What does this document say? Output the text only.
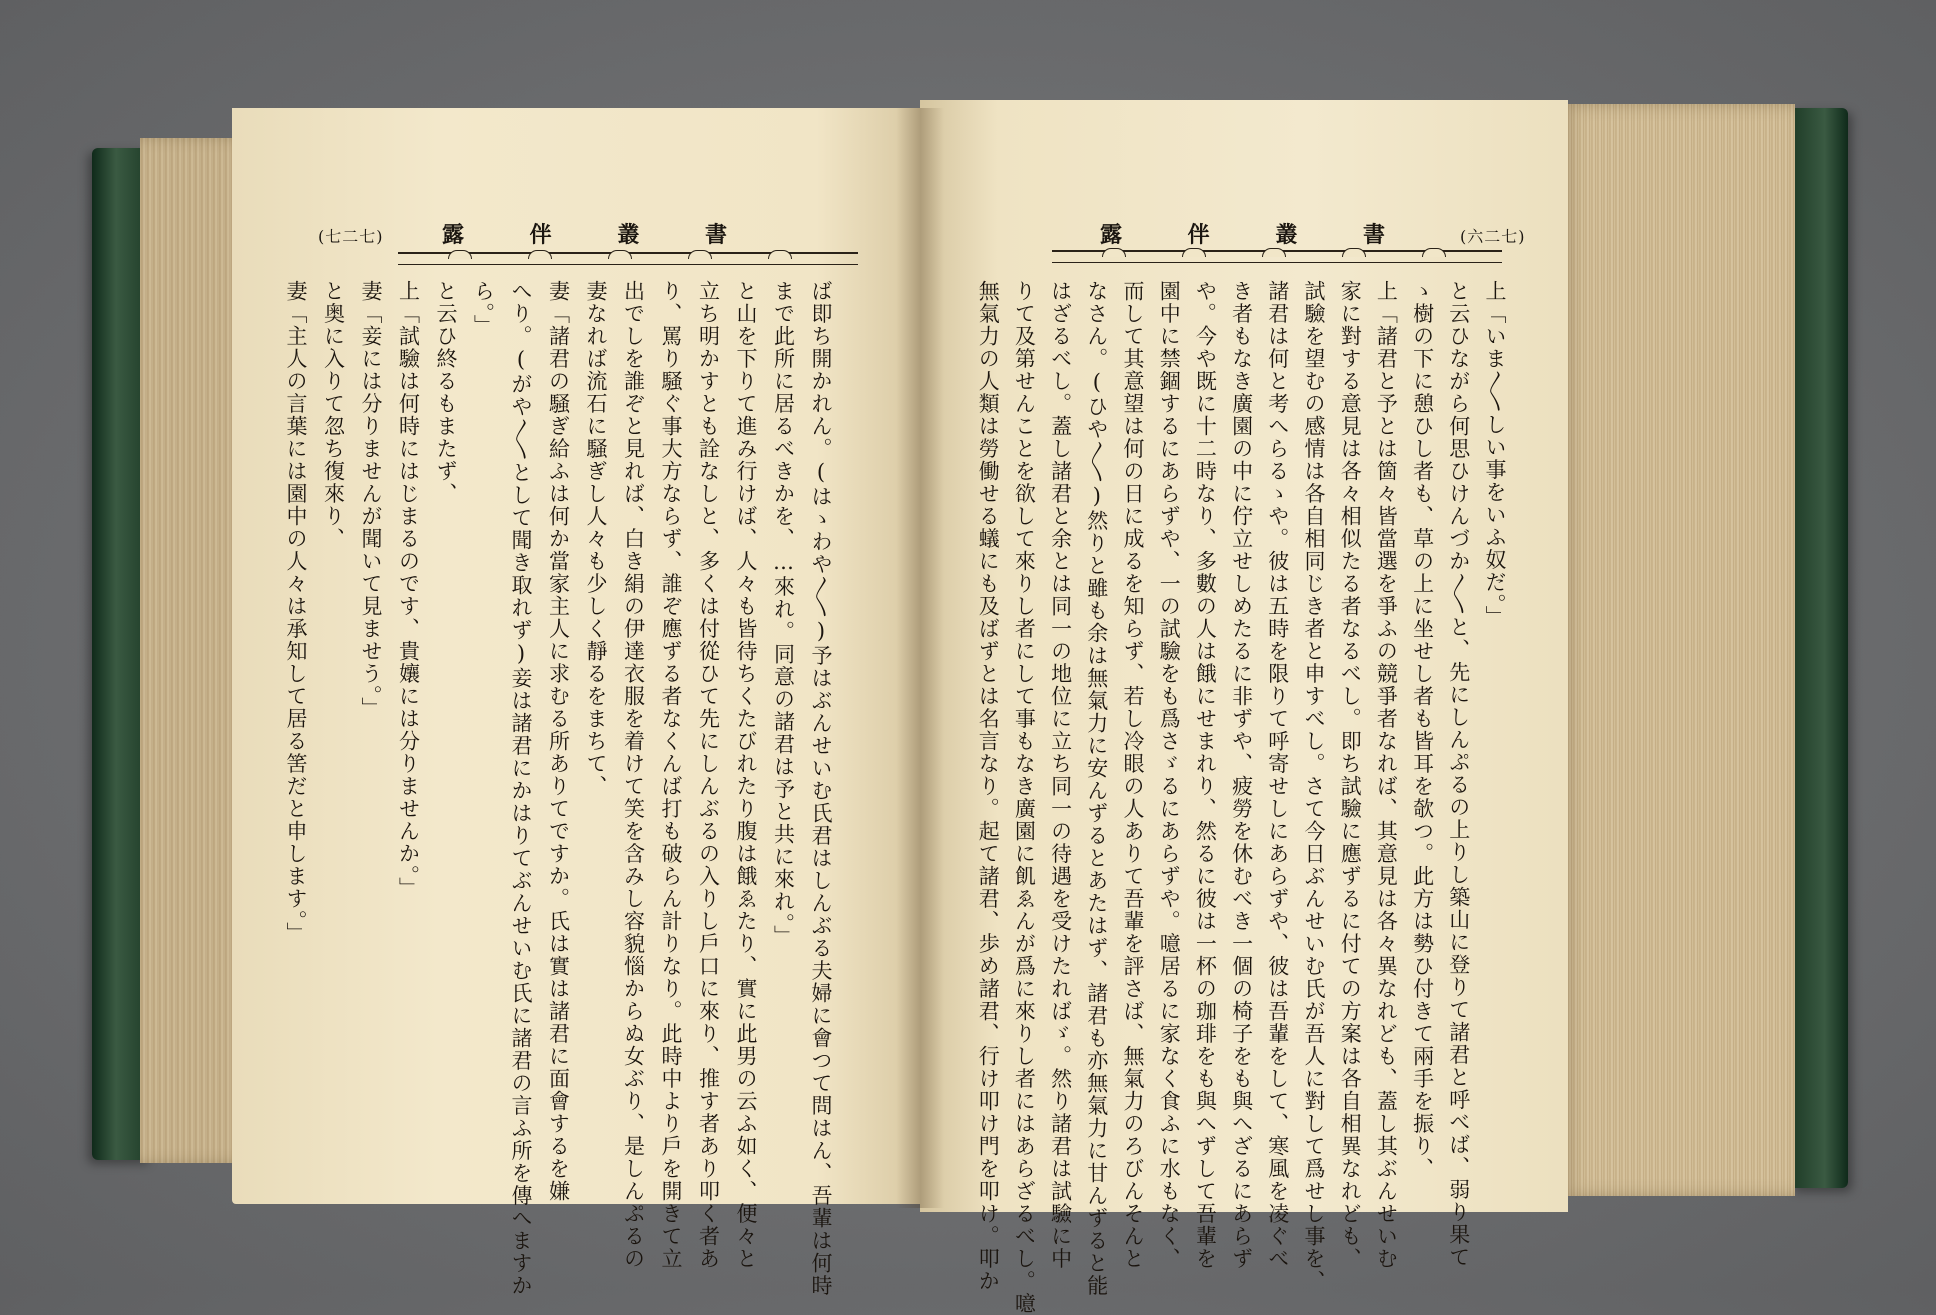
(七二七)	露 伴 叢 書
ば即ち開かれん。(はゝわや〳〵)予はぶんせいむ氏君はしんぶる夫婦に會つて問はん、吾輩は何時
まで此所に居るべきかを、…來れ。同意の諸君は予と共に來れ。」
と山を下りて進み行けば、人々も皆待ちくたびれたり腹は餓ゑたり、實に此男の云ふ如く、便々と
立ち明かすとも詮なしと、多くは付從ひて先にしんぶるの入りし戶口に來り、推す者あり叩く者あ
り、罵り騒ぐ事大方ならず、誰ぞ應ずる者なくんば打も破らん計りなり。此時中より戶を開きて立
出でしを誰ぞと見れば、白き絹の伊達衣服を着けて笑を含みし容貌惱からぬ女ぶり、是しんぷるの
妻なれば流石に騒ぎし人々も少しく靜るをまちて、
妻「諸君の騒ぎ給ふは何か當家主人に求むる所ありてですか。氏は實は諸君に面會するを嫌
へり。(がや〳〵として聞き取れず)妾は諸君にかはりてぶんせいむ氏に諸君の言ふ所を傳へますか
ら。」
と云ひ終るもまたず、
上「試驗は何時にはじまるのです、貴孃には分りませんか。」
妻「妾には分りませんが聞いて見ませう。」
と奥に入りて忽ち復來り、
妻「主人の言葉には園中の人々は承知して居る筈だと申します。」
露 伴 叢 書	(六二七)
上「いま〳〵しい事をいふ奴だ。」
と云ひながら何思ひけんづか〳〵と、先にしんぷるの上りし築山に登りて諸君と呼べば、弱り果て
ゝ樹の下に憩ひし者も、草の上に坐せし者も皆耳を欹つ。此方は勢ひ付きて兩手を振り、
上「諸君と予とは箇々皆當選を爭ふの競爭者なれば、其意見は各々異なれども、蓋し其ぶんせいむ
家に對する意見は各々相似たる者なるべし。即ち試驗に應ずるに付ての方案は各自相異なれども、
試驗を望むの感情は各自相同じき者と申すべし。さて今日ぶんせいむ氏が吾人に對して爲せし事を、
諸君は何と考へらるゝや。彼は五時を限りて呼寄せしにあらずや、彼は吾輩をして、寒風を凌ぐべ
き者もなき廣園の中に佇立せしめたるに非ずや、疲勞を休むべき一個の椅子をも與へざるにあらず
や。今や既に十二時なり、多數の人は餓にせまれり、然るに彼は一杯の珈琲をも與へずして吾輩を
園中に禁錮するにあらずや、一の試驗をも爲さゞるにあらずや。噫居るに家なく食ふに水もなく、
而して其意望は何の日に成るを知らず、若し冷眼の人ありて吾輩を評さば、無氣力のろびんそんと
なさん。(ひや〳〵)然りと雖も余は無氣力に安んずるとあたはず、諸君も亦無氣力に甘んずると能
はざるべし。蓋し諸君と余とは同一の地位に立ち同一の待遇を受けたればゞ。然り諸君は試驗に中
りて及第せんことを欲して來りし者にして事もなき廣園に飢ゑんが爲に來りし者にはあらざるべし。噫
無氣力の人類は勞働せる蟻にも及ばずとは名言なり。起て諸君、歩め諸君、行け叩け門を叩け。叩か
